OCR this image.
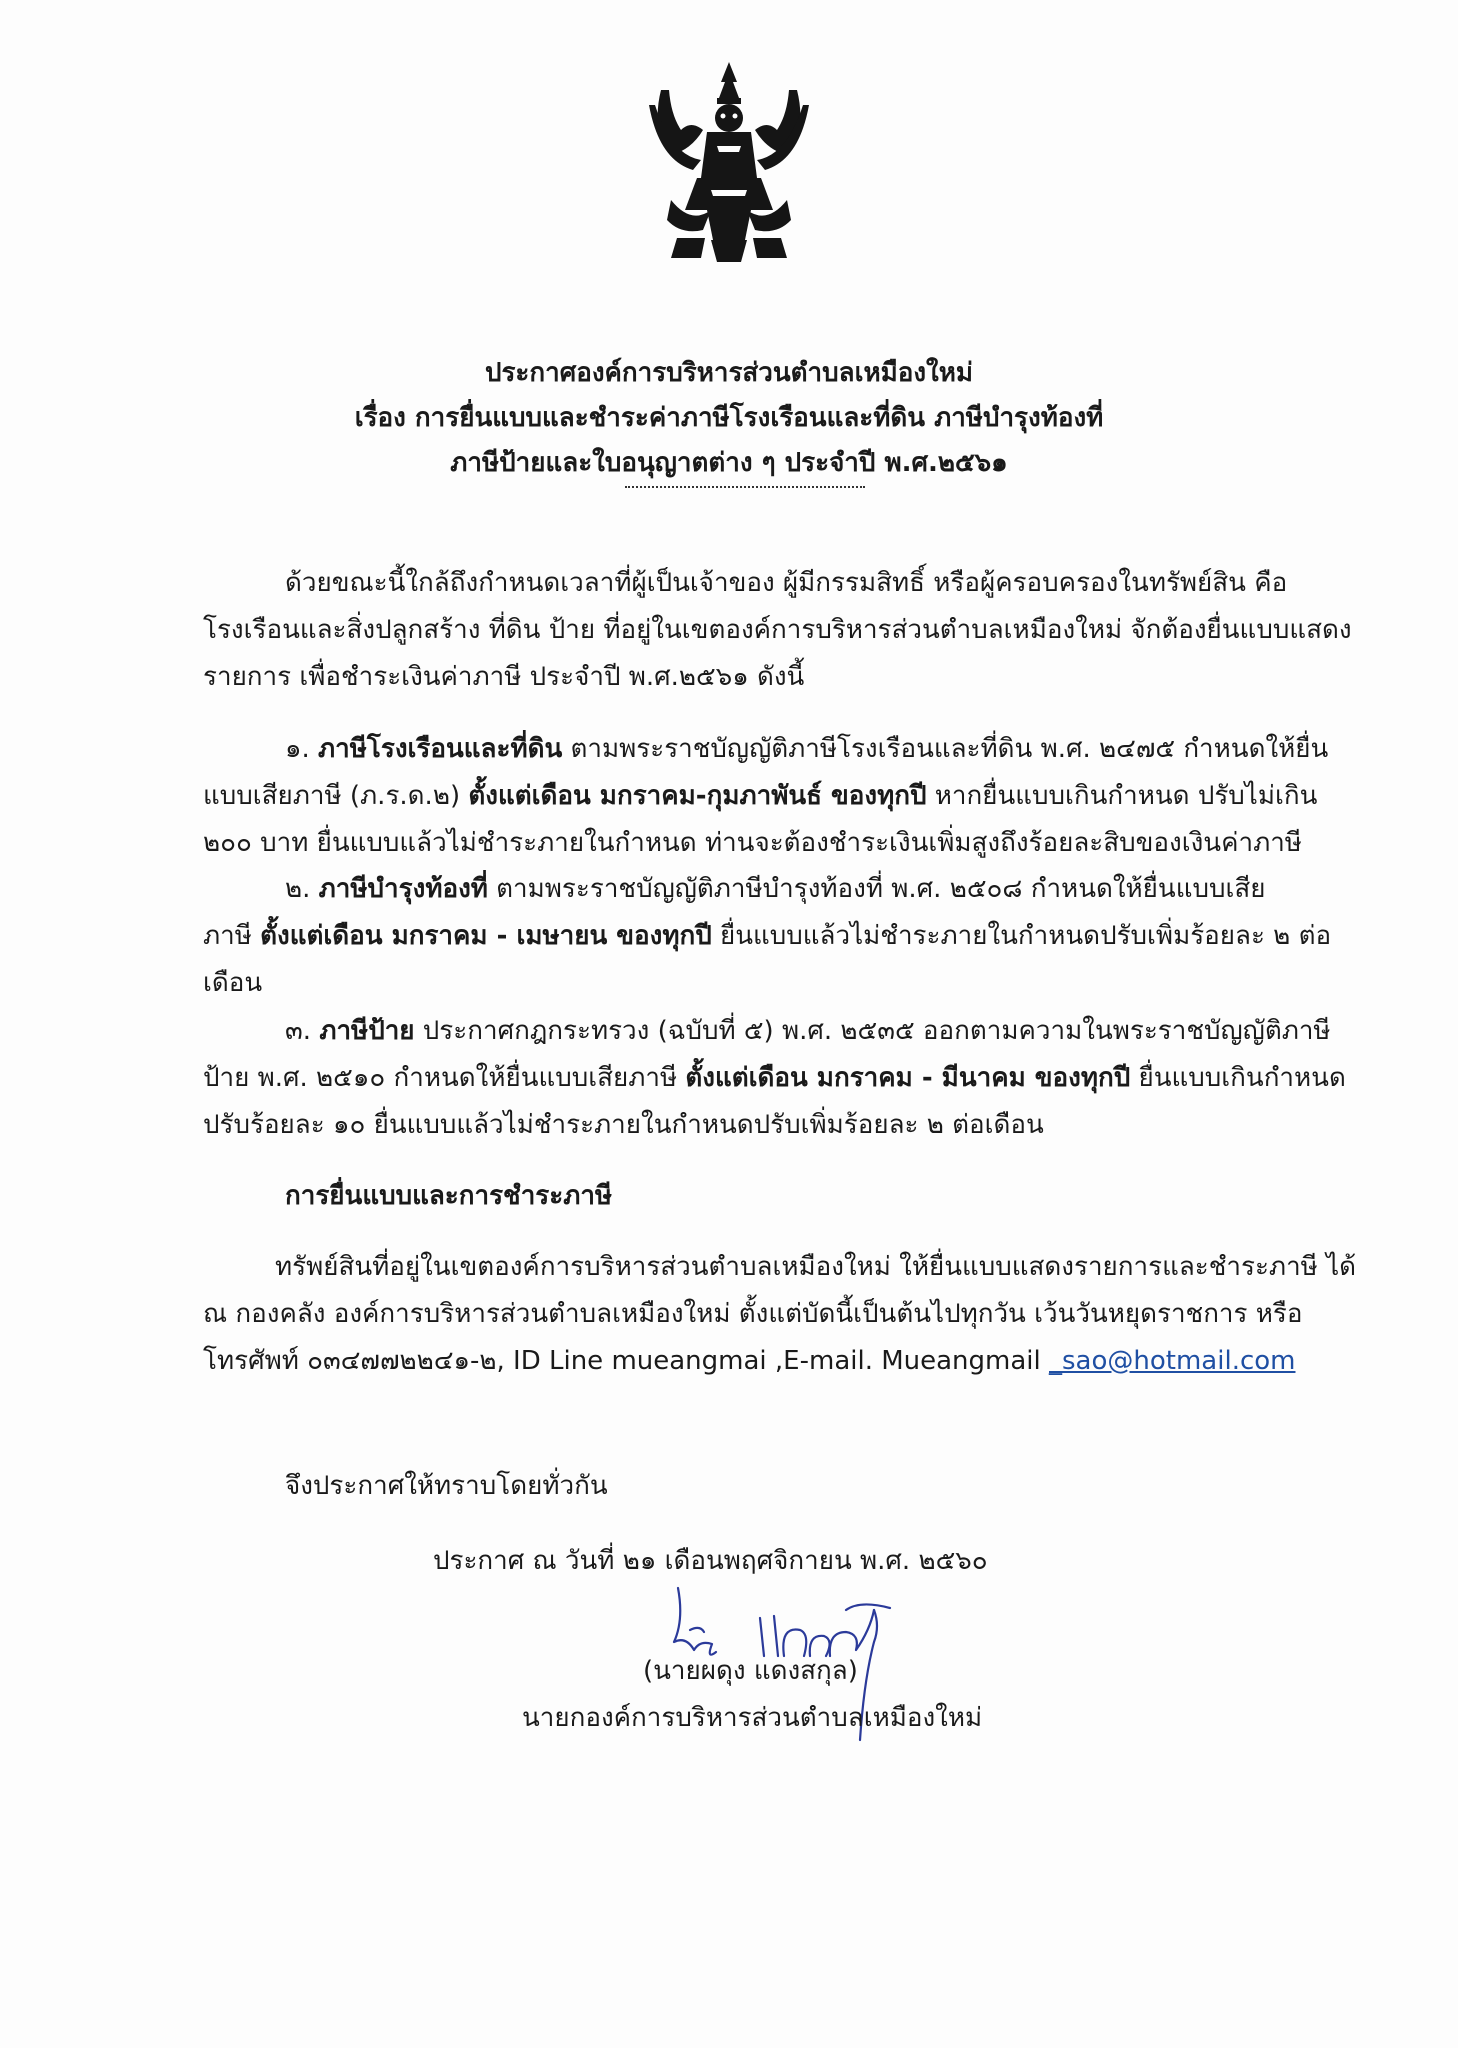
ประกาศองค์การบริหารส่วนตำบลเหมืองใหม่
เรื่อง การยื่นแบบและชำระค่าภาษีโรงเรือนและที่ดิน ภาษีบำรุงท้องที่
ภาษีป้ายและใบอนุญาตต่าง ๆ ประจำปี พ.ศ.๒๕๖๑
ด้วยขณะนี้ใกล้ถึงกำหนดเวลาที่ผู้เป็นเจ้าของ ผู้มีกรรมสิทธิ์ หรือผู้ครอบครองในทรัพย์สิน คือ
โรงเรือนและสิ่งปลูกสร้าง ที่ดิน ป้าย ที่อยู่ในเขตองค์การบริหารส่วนตำบลเหมืองใหม่ จักต้องยื่นแบบแสดง
รายการ เพื่อชำระเงินค่าภาษี ประจำปี พ.ศ.๒๕๖๑ ดังนี้
๑. ภาษีโรงเรือนและที่ดิน ตามพระราชบัญญัติภาษีโรงเรือนและที่ดิน พ.ศ. ๒๔๗๕ กำหนดให้ยื่น
แบบเสียภาษี (ภ.ร.ด.๒) ตั้งแต่เดือน มกราคม-กุมภาพันธ์ ของทุกปี หากยื่นแบบเกินกำหนด ปรับไม่เกิน
๒๐๐ บาท ยื่นแบบแล้วไม่ชำระภายในกำหนด ท่านจะต้องชำระเงินเพิ่มสูงถึงร้อยละสิบของเงินค่าภาษี
๒. ภาษีบำรุงท้องที่ ตามพระราชบัญญัติภาษีบำรุงท้องที่ พ.ศ. ๒๕๐๘ กำหนดให้ยื่นแบบเสีย
ภาษี ตั้งแต่เดือน มกราคม - เมษายน ของทุกปี ยื่นแบบแล้วไม่ชำระภายในกำหนดปรับเพิ่มร้อยละ ๒ ต่อ
เดือน
๓. ภาษีป้าย ประกาศกฎกระทรวง (ฉบับที่ ๕) พ.ศ. ๒๕๓๕ ออกตามความในพระราชบัญญัติภาษี
ป้าย พ.ศ. ๒๕๑๐ กำหนดให้ยื่นแบบเสียภาษี ตั้งแต่เดือน มกราคม - มีนาคม ของทุกปี ยื่นแบบเกินกำหนด
ปรับร้อยละ ๑๐ ยื่นแบบแล้วไม่ชำระภายในกำหนดปรับเพิ่มร้อยละ ๒ ต่อเดือน
การยื่นแบบและการชำระภาษี
ทรัพย์สินที่อยู่ในเขตองค์การบริหารส่วนตำบลเหมืองใหม่ ให้ยื่นแบบแสดงรายการและชำระภาษี ได้
ณ กองคลัง องค์การบริหารส่วนตำบลเหมืองใหม่ ตั้งแต่บัดนี้เป็นต้นไปทุกวัน เว้นวันหยุดราชการ หรือ
โทรศัพท์ ๐๓๔๗๗๒๒๔๑-๒, ID Line mueangmai ,E-mail. Mueangmail _sao@hotmail.com
จึงประกาศให้ทราบโดยทั่วกัน
ประกาศ ณ วันที่ ๒๑ เดือนพฤศจิกายน พ.ศ. ๒๕๖๐
(นายผดุง แดงสกุล)
นายกองค์การบริหารส่วนตำบลเหมืองใหม่
